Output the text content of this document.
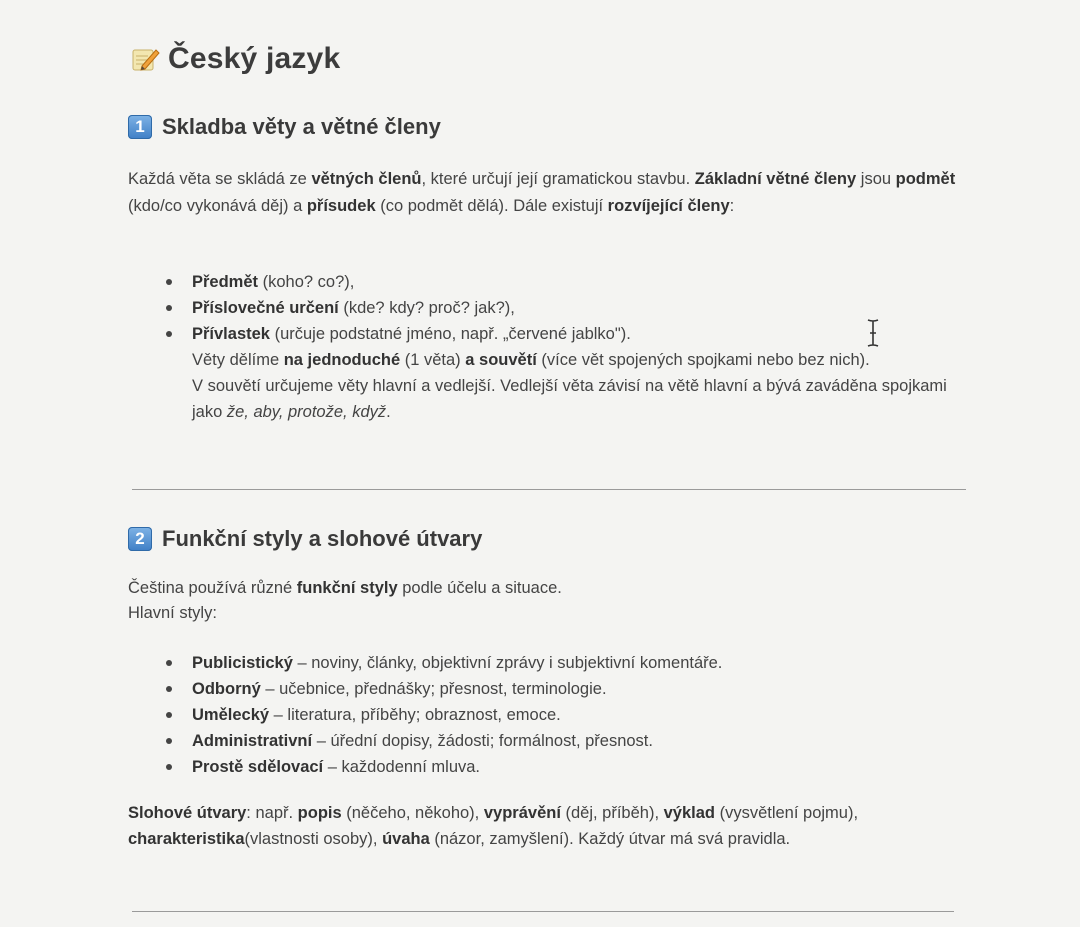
Český jazyk
1 Skladba věty a větné členy
Každá věta se skládá ze větných členů, které určují její gramatickou stavbu. Základní větné členy jsou podmět (kdo/co vykonává děj) a přísudek (co podmět dělá). Dále existují rozvíjející členy:
Předmět (koho? co?),
Příslovečné určení (kde? kdy? proč? jak?),
Přívlastek (určuje podstatné jméno, např. „červené jablko").
Věty dělíme na jednoduché (1 věta) a souvětí (více vět spojených spojkami nebo bez nich).
V souvětí určujeme věty hlavní a vedlejší. Vedlejší věta závisí na větě hlavní a bývá zaváděna spojkami jako že, aby, protože, když.
2 Funkční styly a slohové útvary
Čeština používá různé funkční styly podle účelu a situace.
Hlavní styly:
Publicistický – noviny, články, objektivní zprávy i subjektivní komentáře.
Odborný – učebnice, přednášky; přesnost, terminologie.
Umělecký – literatura, příběhy; obraznost, emoce.
Administrativní – úřední dopisy, žádosti; formálnost, přesnost.
Prostě sdělovací – každodenní mluva.
Slohové útvary: např. popis (něčeho, někoho), vyprávění (děj, příběh), výklad (vysvětlení pojmu), charakteristika(vlastnosti osoby), úvaha (názor, zamyšlení). Každý útvar má svá pravidla.
